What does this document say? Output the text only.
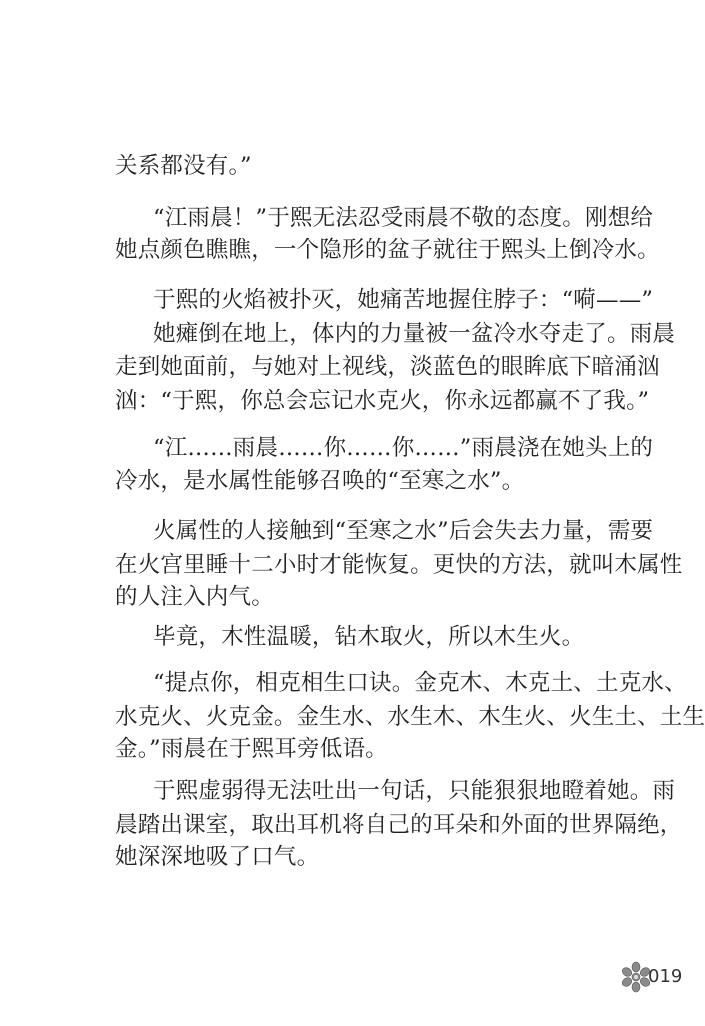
关系都没有。”
“江雨晨！”于熙无法忍受雨晨不敬的态度。刚想给
她点颜色瞧瞧，一个隐形的盆子就往于熙头上倒冷水。
于熙的火焰被扑灭，她痛苦地握住脖子：“嗬——”
她瘫倒在地上，体内的力量被一盆冷水夺走了。雨晨
走到她面前，与她对上视线，淡蓝色的眼眸底下暗涌汹
汹：“于熙，你总会忘记水克火，你永远都赢不了我。”
“江……雨晨……你……你……”雨晨浇在她头上的
冷水，是水属性能够召唤的“至寒之水”。
火属性的人接触到“至寒之水”后会失去力量，需要
在火宫里睡十二小时才能恢复。更快的方法，就叫木属性
的人注入内气。
毕竟，木性温暖，钻木取火，所以木生火。
“提点你，相克相生口诀。金克木、木克土、土克水、
水克火、火克金。金生水、水生木、木生火、火生土、土生
金。”雨晨在于熙耳旁低语。
于熙虚弱得无法吐出一句话，只能狠狠地瞪着她。雨
晨踏出课室，取出耳机将自己的耳朵和外面的世界隔绝，
她深深地吸了口气。
019
